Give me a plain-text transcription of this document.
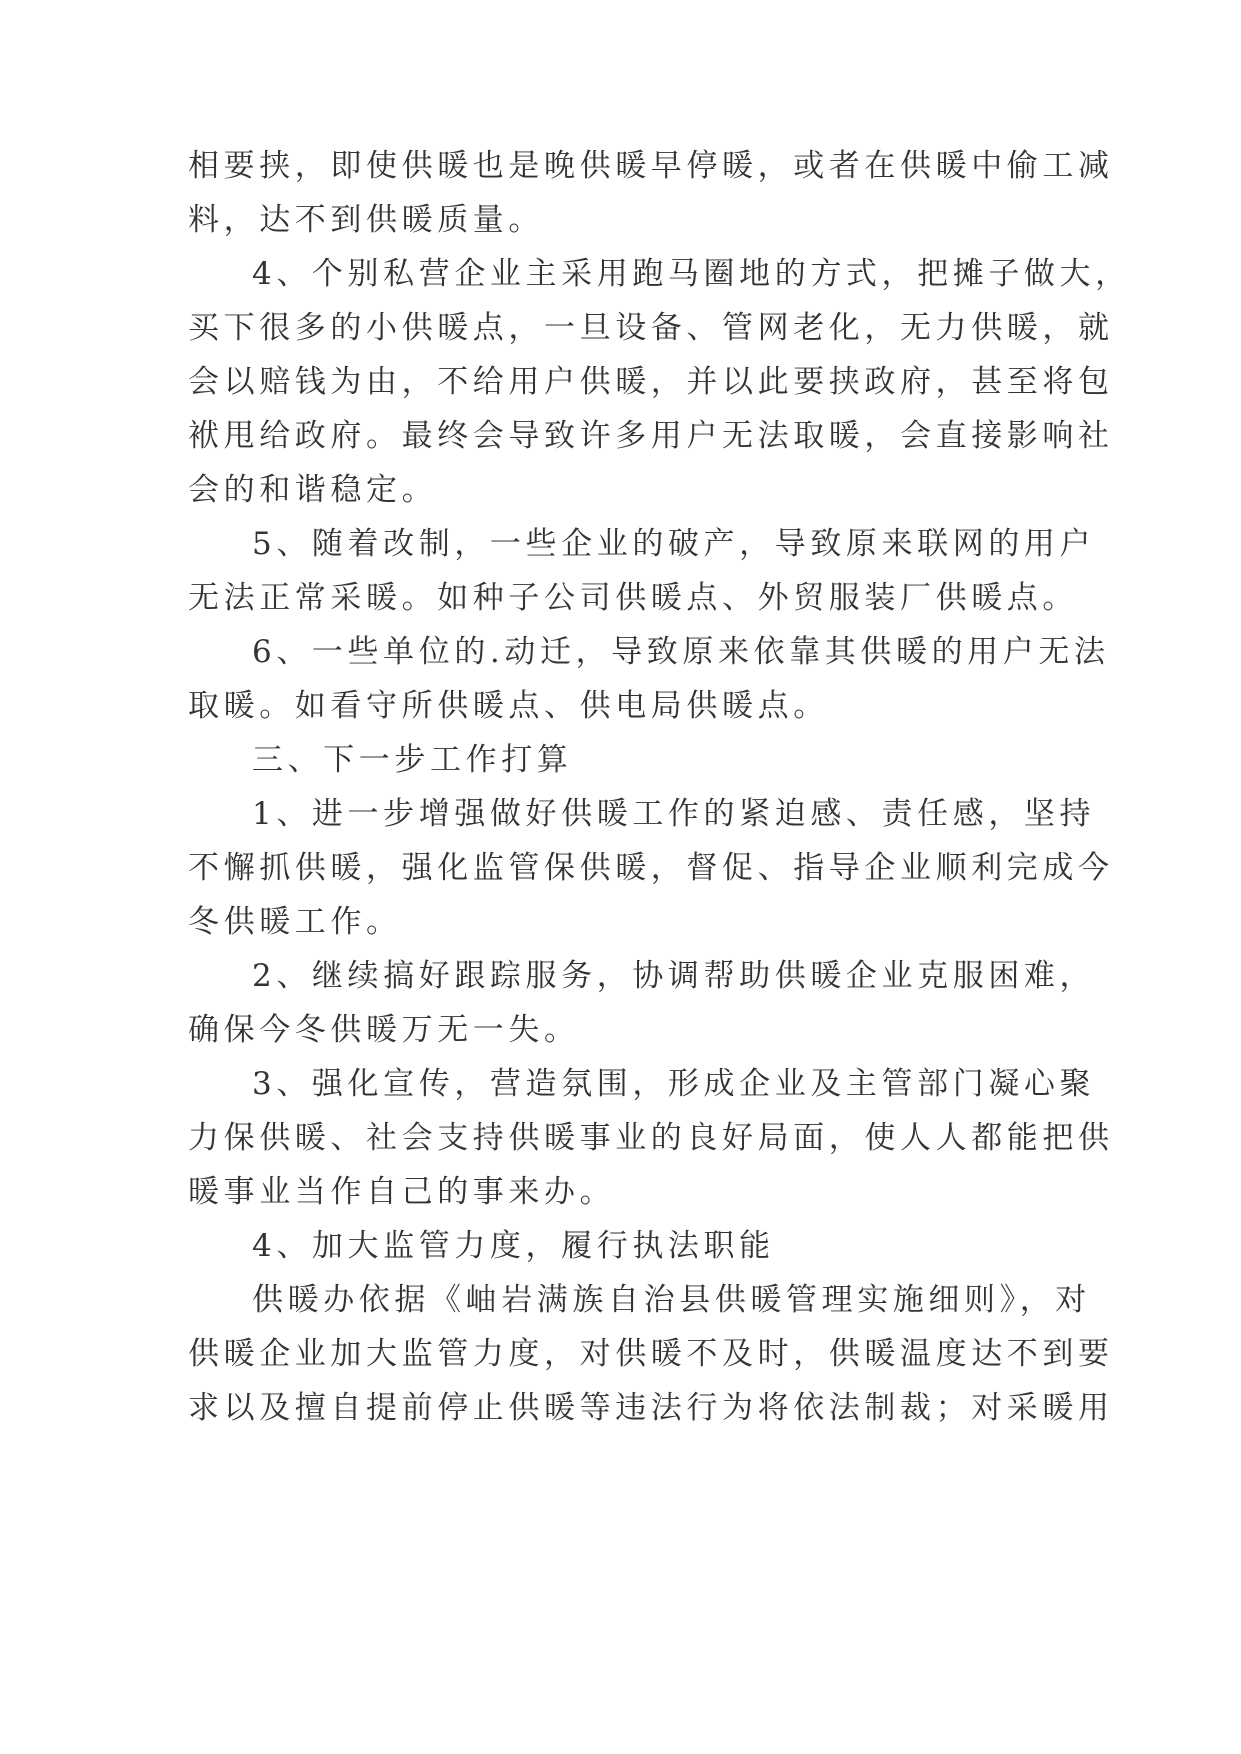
相要挟，即使供暖也是晚供暖早停暖，或者在供暖中偷工减
料，达不到供暖质量。
4、个别私营企业主采用跑马圈地的方式，把摊子做大，
买下很多的小供暖点，一旦设备、管网老化，无力供暖，就
会以赔钱为由，不给用户供暖，并以此要挟政府，甚至将包
袱甩给政府。最终会导致许多用户无法取暖，会直接影响社
会的和谐稳定。
5、随着改制，一些企业的破产，导致原来联网的用户
无法正常采暖。如种子公司供暖点、外贸服装厂供暖点。
6、一些单位的.动迁，导致原来依靠其供暖的用户无法
取暖。如看守所供暖点、供电局供暖点。
三、下一步工作打算
1、进一步增强做好供暖工作的紧迫感、责任感，坚持
不懈抓供暖，强化监管保供暖，督促、指导企业顺利完成今
冬供暖工作。
2、继续搞好跟踪服务，协调帮助供暖企业克服困难，
确保今冬供暖万无一失。
3、强化宣传，营造氛围，形成企业及主管部门凝心聚
力保供暖、社会支持供暖事业的良好局面，使人人都能把供
暖事业当作自己的事来办。
4、加大监管力度，履行执法职能
供暖办依据《岫岩满族自治县供暖管理实施细则》，对
供暖企业加大监管力度，对供暖不及时，供暖温度达不到要
求以及擅自提前停止供暖等违法行为将依法制裁；对采暖用
